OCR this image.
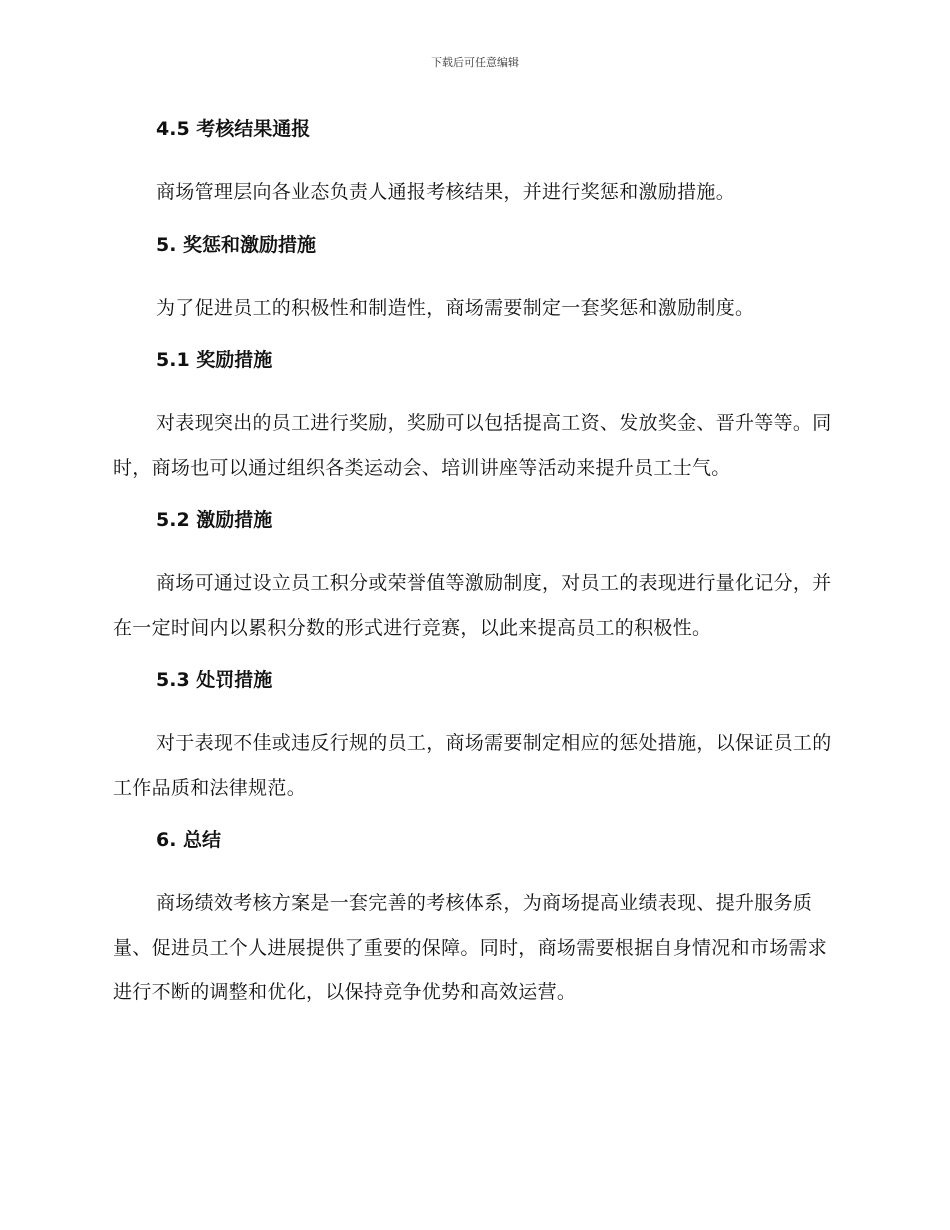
下载后可任意编辑
4.5 考核结果通报
商场管理层向各业态负责人通报考核结果，并进行奖惩和激励措施。
5. 奖惩和激励措施
为了促进员工的积极性和制造性，商场需要制定一套奖惩和激励制度。
5.1 奖励措施
对表现突出的员工进行奖励，奖励可以包括提高工资、发放奖金、晋升等等。同时，商场也可以通过组织各类运动会、培训讲座等活动来提升员工士气。
5.2 激励措施
商场可通过设立员工积分或荣誉值等激励制度，对员工的表现进行量化记分，并在一定时间内以累积分数的形式进行竞赛，以此来提高员工的积极性。
5.3 处罚措施
对于表现不佳或违反行规的员工，商场需要制定相应的惩处措施，以保证员工的工作品质和法律规范。
6. 总结
商场绩效考核方案是一套完善的考核体系，为商场提高业绩表现、提升服务质量、促进员工个人进展提供了重要的保障。同时，商场需要根据自身情况和市场需求进行不断的调整和优化，以保持竞争优势和高效运营。
